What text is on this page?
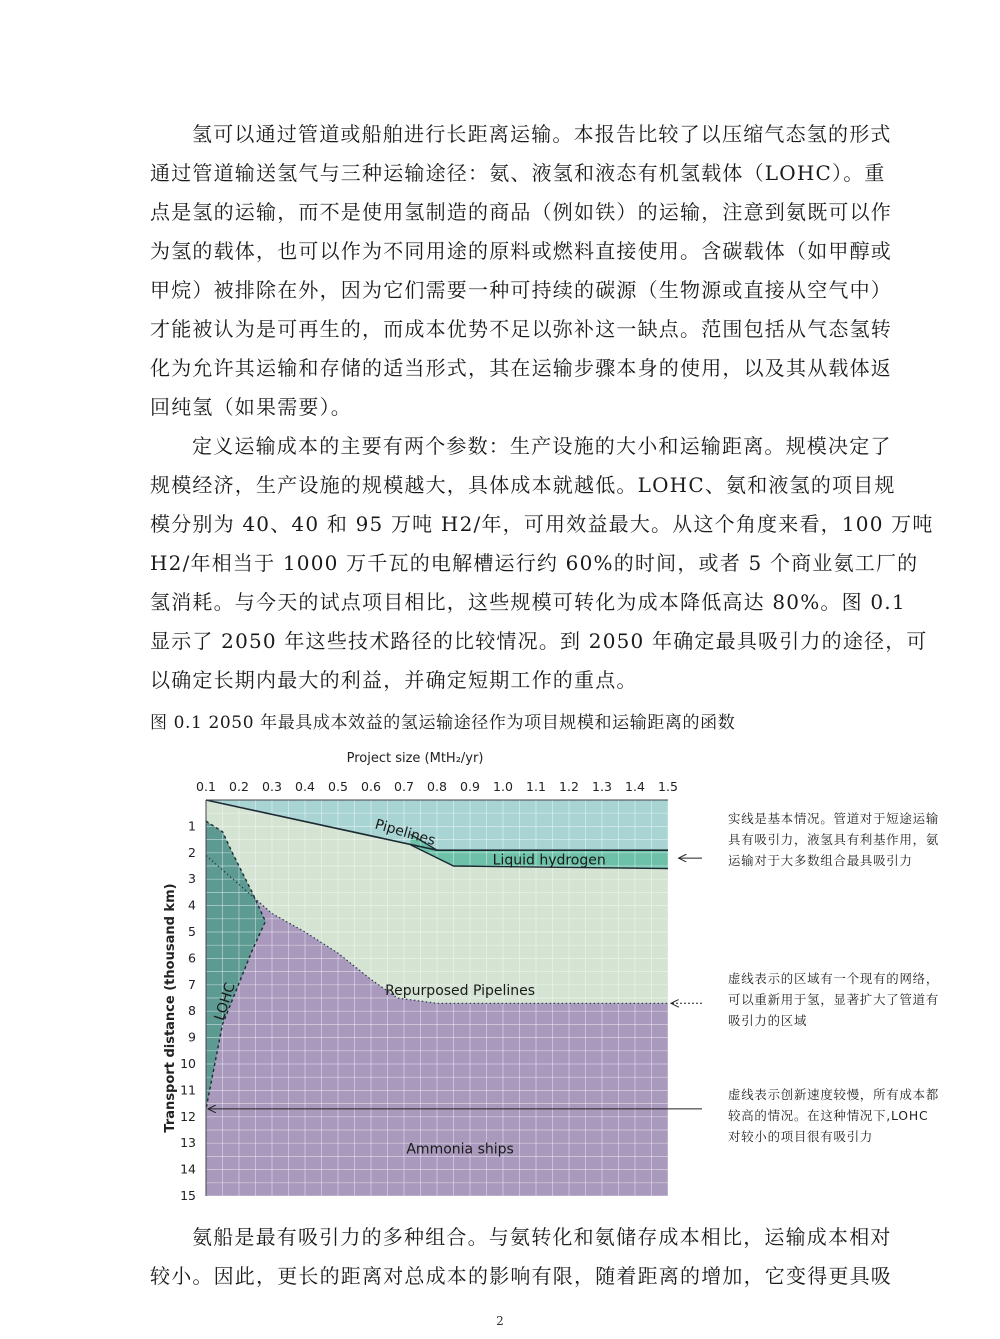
氢可以通过管道或船舶进行长距离运输。本报告比较了以压缩气态氢的形式
通过管道输送氢气与三种运输途径：氨、液氢和液态有机氢载体（LOHC）。重
点是氢的运输，而不是使用氢制造的商品（例如铁）的运输，注意到氨既可以作
为氢的载体，也可以作为不同用途的原料或燃料直接使用。含碳载体（如甲醇或
甲烷）被排除在外，因为它们需要一种可持续的碳源（生物源或直接从空气中）
才能被认为是可再生的，而成本优势不足以弥补这一缺点。范围包括从气态氢转
化为允许其运输和存储的适当形式，其在运输步骤本身的使用，以及其从载体返
回纯氢（如果需要）。

定义运输成本的主要有两个参数：生产设施的大小和运输距离。规模决定了
规模经济，生产设施的规模越大，具体成本就越低。LOHC、氨和液氢的项目规
模分别为 40、40 和 95 万吨 H2/年，可用效益最大。从这个角度来看，100 万吨
H2/年相当于 1000 万千瓦的电解槽运行约 60%的时间，或者 5 个商业氨工厂的
氢消耗。与今天的试点项目相比，这些规模可转化为成本降低高达 80%。图 0.1
显示了 2050 年这些技术路径的比较情况。到 2050 年确定最具吸引力的途径，可
以确定长期内最大的利益，并确定短期工作的重点。

图 0.1 2050 年最具成本效益的氢运输途径作为项目规模和运输距离的函数
0.1 0.2 0.3 0.4 0.5 0.6 0.7 0.8 0.9 1.0 1.1 1.2 1.3 1.4 1.5
1
2
3
4
5
6
7
8
9
10
11
12
13
14
15
Project size (MtH₂/yr)
Transport distance (thousand km)
Pipelines
Liquid hydrogen
Repurposed Pipelines
LOHC
Ammonia ships
实线是基本情况。管道对于短途运输具有吸引力，液氢具有利基作用，氨运输对于大多数组合最具吸引力
虚线表示的区域有一个现有的网络，可以重新用于氢，显著扩大了管道有吸引力的区域
虚线表示创新速度较慢，所有成本都较高的情况。在这种情况下,LOHC 对较小的项目很有吸引力

氨船是最有吸引力的多种组合。与氨转化和氨储存成本相比，运输成本相对
较小。因此，更长的距离对总成本的影响有限，随着距离的增加，它变得更具吸

2
